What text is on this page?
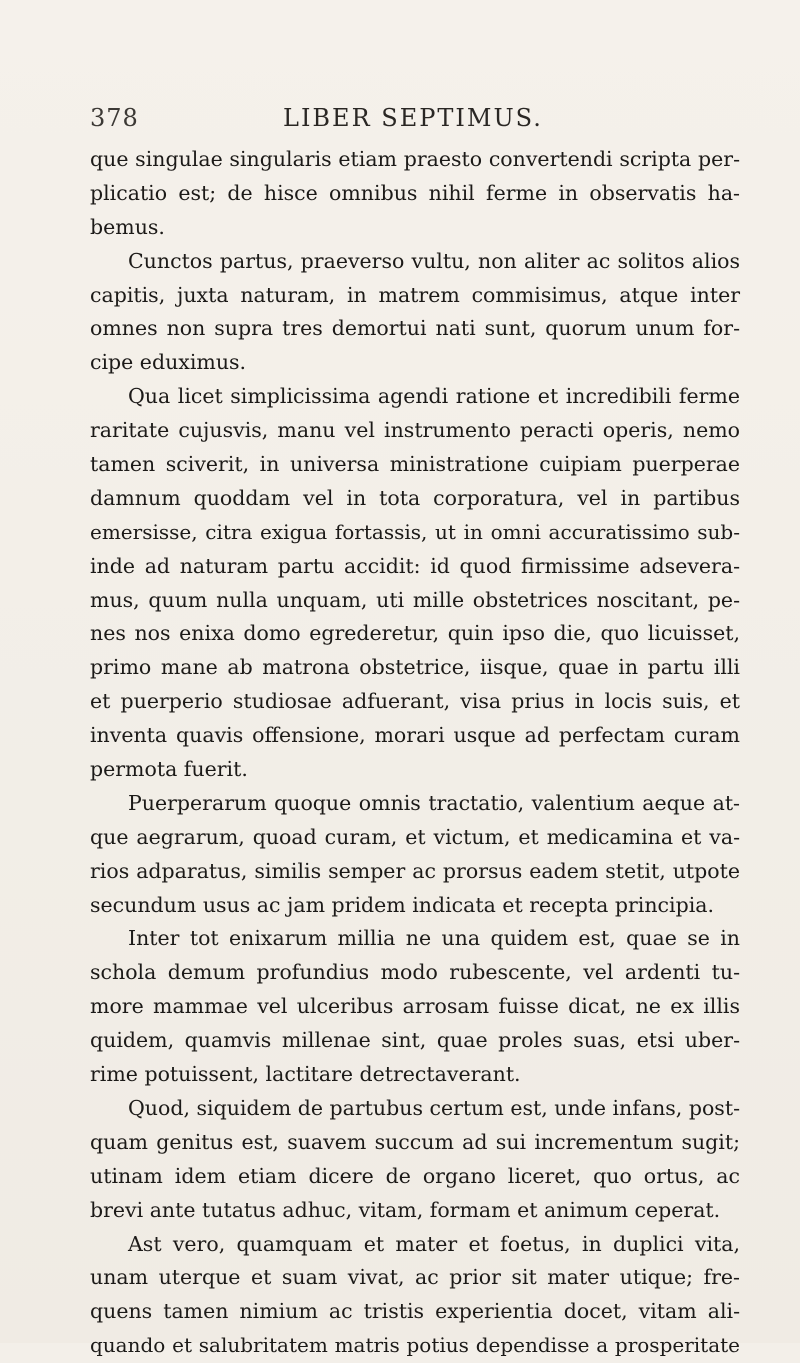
378	LIBER SEPTIMUS.
que singulae singularis etiam praesto convertendi scripta per-
plicatio est; de hisce omnibus nihil ferme in observatis ha-
bemus.
Cunctos partus, praeverso vultu, non aliter ac solitos alios
capitis, juxta naturam, in matrem commisimus, atque inter
omnes non supra tres demortui nati sunt, quorum unum for-
cipe eduximus.
Qua licet simplicissima agendi ratione et incredibili ferme
raritate cujusvis, manu vel instrumento peracti operis, nemo
tamen sciverit, in universa ministratione cuipiam puerperae
damnum quoddam vel in tota corporatura, vel in partibus
emersisse, citra exigua fortassis, ut in omni accuratissimo sub-
inde ad naturam partu accidit: id quod firmissime adsevera-
mus, quum nulla unquam, uti mille obstetrices noscitant, pe-
nes nos enixa domo egrederetur, quin ipso die, quo licuisset,
primo mane ab matrona obstetrice, iisque, quae in partu illi
et puerperio studiosae adfuerant, visa prius in locis suis, et
inventa quavis offensione, morari usque ad perfectam curam
permota fuerit.
Puerperarum quoque omnis tractatio, valentium aeque at-
que aegrarum, quoad curam, et victum, et medicamina et va-
rios adparatus, similis semper ac prorsus eadem stetit, utpote
secundum usus ac jam pridem indicata et recepta principia.
Inter tot enixarum millia ne una quidem est, quae se in
schola demum profundius modo rubescente, vel ardenti tu-
more mammae vel ulceribus arrosam fuisse dicat, ne ex illis
quidem, quamvis millenae sint, quae proles suas, etsi uber-
rime potuissent, lactitare detrectaverant.
Quod, siquidem de partubus certum est, unde infans, post-
quam genitus est, suavem succum ad sui incrementum sugit;
utinam idem etiam dicere de organo liceret, quo ortus, ac
brevi ante tutatus adhuc, vitam, formam et animum ceperat.
Ast vero, quamquam et mater et foetus, in duplici vita,
unam uterque et suam vivat, ac prior sit mater utique; fre-
quens tamen nimium ac tristis experientia docet, vitam ali-
quando et salubritatem matris potius dependisse a prosperitate
